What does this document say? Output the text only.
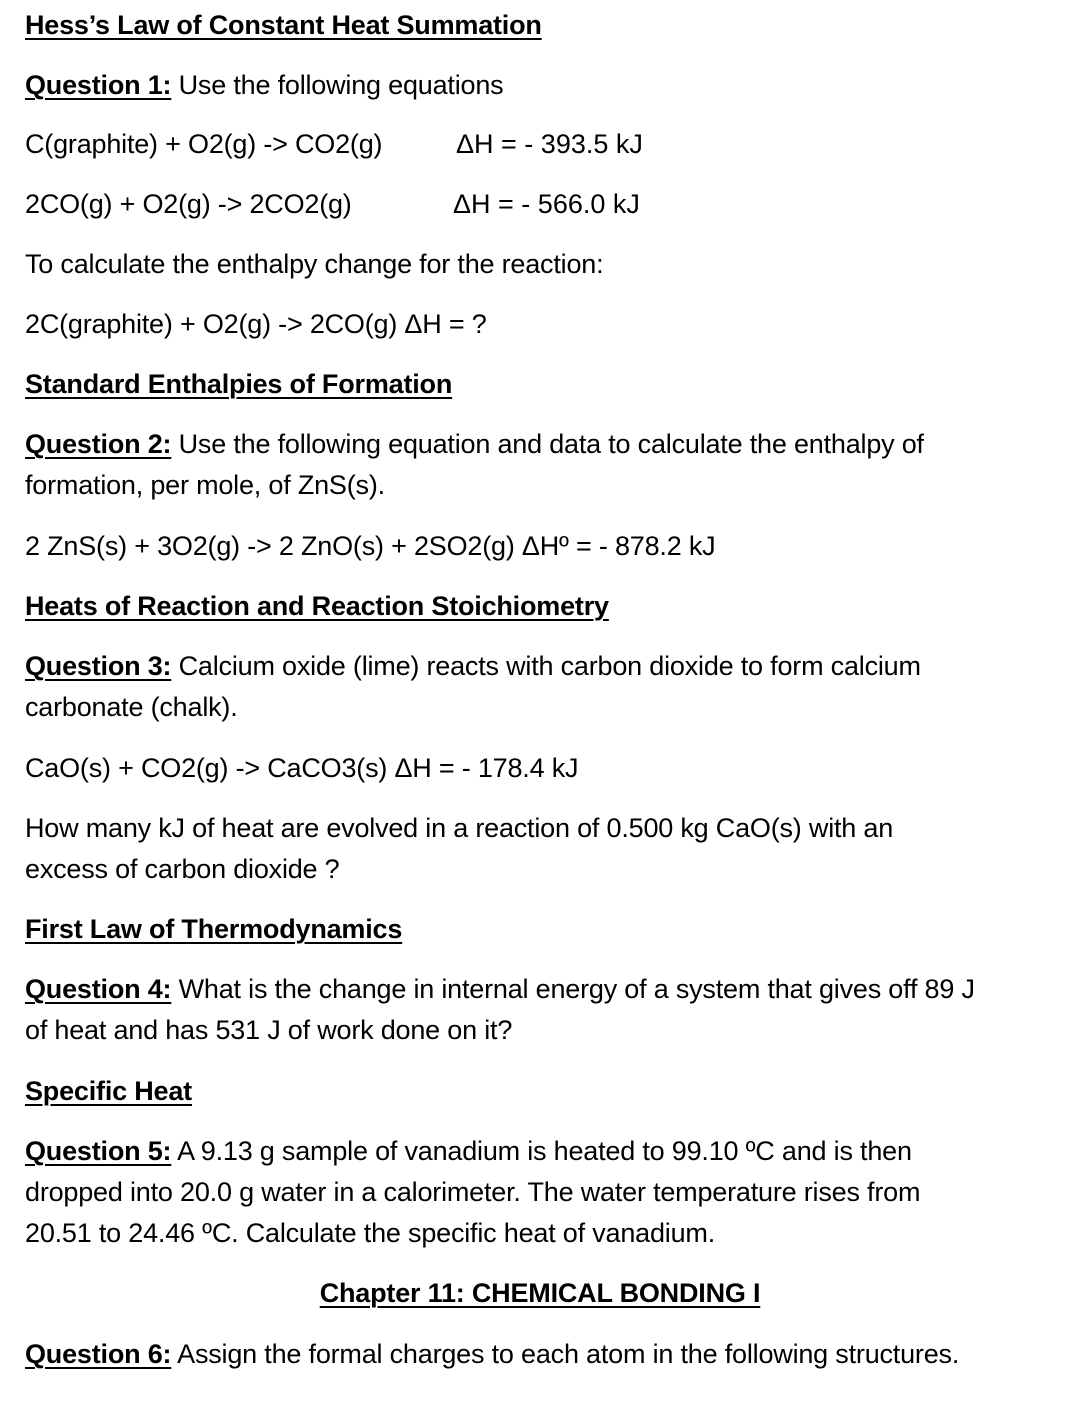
Hess’s Law of Constant Heat Summation
Question 1: Use the following equations
C(graphite) + O2(g) -> CO2(g)	ΔH = - 393.5 kJ
2CO(g) + O2(g) -> 2CO2(g)	ΔH = - 566.0 kJ
To calculate the enthalpy change for the reaction:
2C(graphite) + O2(g) -> 2CO(g) ΔH = ?
Standard Enthalpies of Formation
Question 2: Use the following equation and data to calculate the enthalpy of
formation, per mole, of ZnS(s).
2 ZnS(s) + 3O2(g) -> 2 ZnO(s) + 2SO2(g) ΔHº = - 878.2 kJ
Heats of Reaction and Reaction Stoichiometry
Question 3: Calcium oxide (lime) reacts with carbon dioxide to form calcium
carbonate (chalk).
CaO(s) + CO2(g) -> CaCO3(s) ΔH = - 178.4 kJ
How many kJ of heat are evolved in a reaction of 0.500 kg CaO(s) with an
excess of carbon dioxide ?
First Law of Thermodynamics
Question 4: What is the change in internal energy of a system that gives off 89 J
of heat and has 531 J of work done on it?
Specific Heat
Question 5: A 9.13 g sample of vanadium is heated to 99.10 ºC and is then
dropped into 20.0 g water in a calorimeter. The water temperature rises from
20.51 to 24.46 ºC. Calculate the specific heat of vanadium.
Chapter 11: CHEMICAL BONDING I
Question 6: Assign the formal charges to each atom in the following structures.
